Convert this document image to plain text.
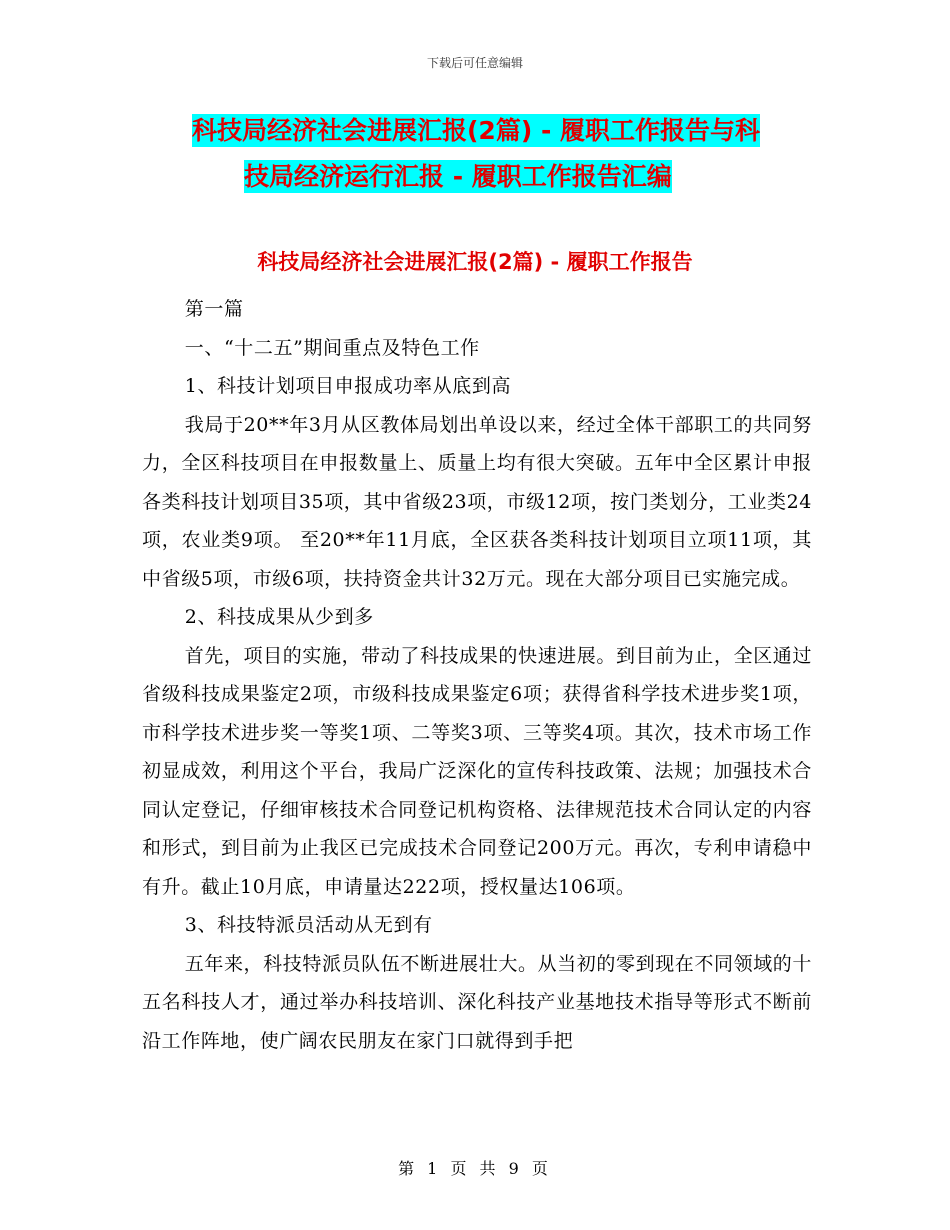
下载后可任意编辑
科技局经济社会进展汇报(2篇) - 履职工作报告与科
技局经济运行汇报 - 履职工作报告汇编
科技局经济社会进展汇报(2篇) - 履职工作报告

第一篇

一、“十二五”期间重点及特色工作

1、科技计划项目申报成功率从底到高

我局于20**年3月从区教体局划出单设以来，经过全体干部职工的共同努力，全区科技项目在申报数量上、质量上均有很大突破。五年中全区累计申报各类科技计划项目35项，其中省级23项，市级12项，按门类划分，工业类24项，农业类9项。 至20**年11月底，全区获各类科技计划项目立项11项，其中省级5项，市级6项，扶持资金共计32万元。现在大部分项目已实施完成。

2、科技成果从少到多

首先，项目的实施，带动了科技成果的快速进展。到目前为止，全区通过省级科技成果鉴定2项，市级科技成果鉴定6项；获得省科学技术进步奖1项，市科学技术进步奖一等奖1项、二等奖3项、三等奖4项。其次，技术市场工作初显成效，利用这个平台，我局广泛深化的宣传科技政策、法规；加强技术合同认定登记，仔细审核技术合同登记机构资格、法律规范技术合同认定的内容和形式，到目前为止我区已完成技术合同登记200万元。再次，专利申请稳中有升。截止10月底，申请量达222项，授权量达106项。

3、科技特派员活动从无到有

五年来，科技特派员队伍不断进展壮大。从当初的零到现在不同领域的十五名科技人才，通过举办科技培训、深化科技产业基地技术指导等形式不断前沿工作阵地，使广阔农民朋友在家门口就得到手把

第 1 页 共 9 页
